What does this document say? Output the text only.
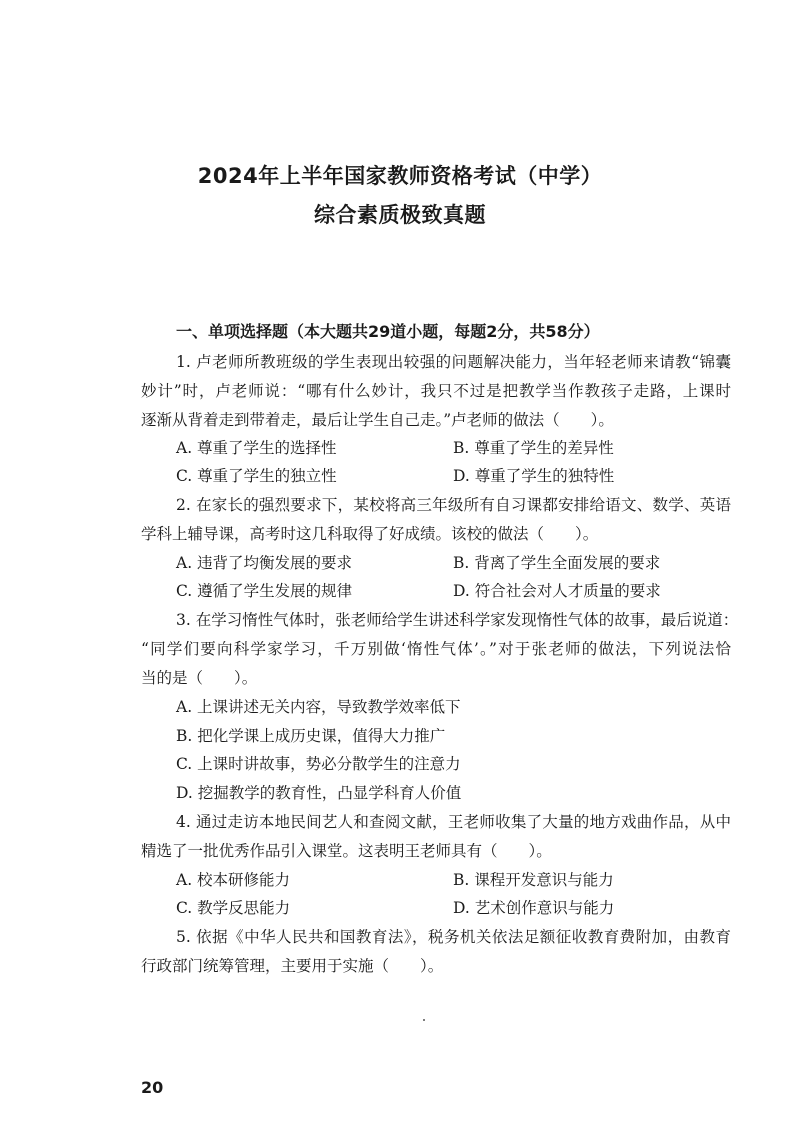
2024年上半年国家教师资格考试（中学）
综合素质极致真题
一、单项选择题（本大题共29道小题，每题2分，共58分）
1. 卢老师所教班级的学生表现出较强的问题解决能力，当年轻老师来请教“锦囊
妙计”时，卢老师说：“哪有什么妙计，我只不过是把教学当作教孩子走路，上课时
逐渐从背着走到带着走，最后让学生自己走。”卢老师的做法（　　）。
A. 尊重了学生的选择性	B. 尊重了学生的差异性
C. 尊重了学生的独立性	D. 尊重了学生的独特性
2. 在家长的强烈要求下，某校将高三年级所有自习课都安排给语文、数学、英语
学科上辅导课，高考时这几科取得了好成绩。该校的做法（　　）。
A. 违背了均衡发展的要求	B. 背离了学生全面发展的要求
C. 遵循了学生发展的规律	D. 符合社会对人才质量的要求
3. 在学习惰性气体时，张老师给学生讲述科学家发现惰性气体的故事，最后说道：
“同学们要向科学家学习，千万别做‘惰性气体’。”对于张老师的做法，下列说法恰
当的是（　　）。
A. 上课讲述无关内容，导致教学效率低下
B. 把化学课上成历史课，值得大力推广
C. 上课时讲故事，势必分散学生的注意力
D. 挖掘教学的教育性，凸显学科育人价值
4. 通过走访本地民间艺人和查阅文献，王老师收集了大量的地方戏曲作品，从中
精选了一批优秀作品引入课堂。这表明王老师具有（　　）。
A. 校本研修能力	B. 课程开发意识与能力
C. 教学反思能力	D. 艺术创作意识与能力
5. 依据《中华人民共和国教育法》，税务机关依法足额征收教育费附加，由教育
行政部门统筹管理，主要用于实施（　　）。
20
